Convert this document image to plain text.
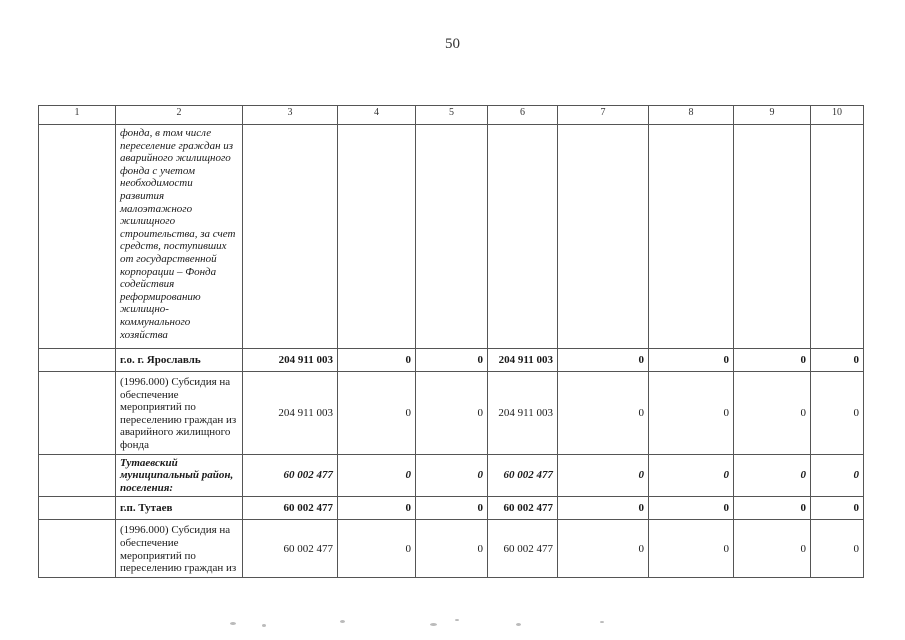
50
1	2	3	4	5	6	7	8	9	10
	фонда, в том числе переселение граждан из аварийного жилищного фонда с учетом необходимости развития малоэтажного жилищного строительства, за счет средств, поступивших от государственной корпорации – Фонда содействия реформированию жилищно-коммунального хозяйства								
	г.о. г. Ярославль	204 911 003	0	0	204 911 003	0	0	0	0
	(1996.000) Субсидия на обеспечение мероприятий по переселению граждан из аварийного жилищного фонда	204 911 003	0	0	204 911 003	0	0	0	0
	Тутаевский муниципальный район, поселения:	60 002 477	0	0	60 002 477	0	0	0	0
	г.п. Тутаев	60 002 477	0	0	60 002 477	0	0	0	0
	(1996.000) Субсидия на обеспечение мероприятий по переселению граждан из	60 002 477	0	0	60 002 477	0	0	0	0
